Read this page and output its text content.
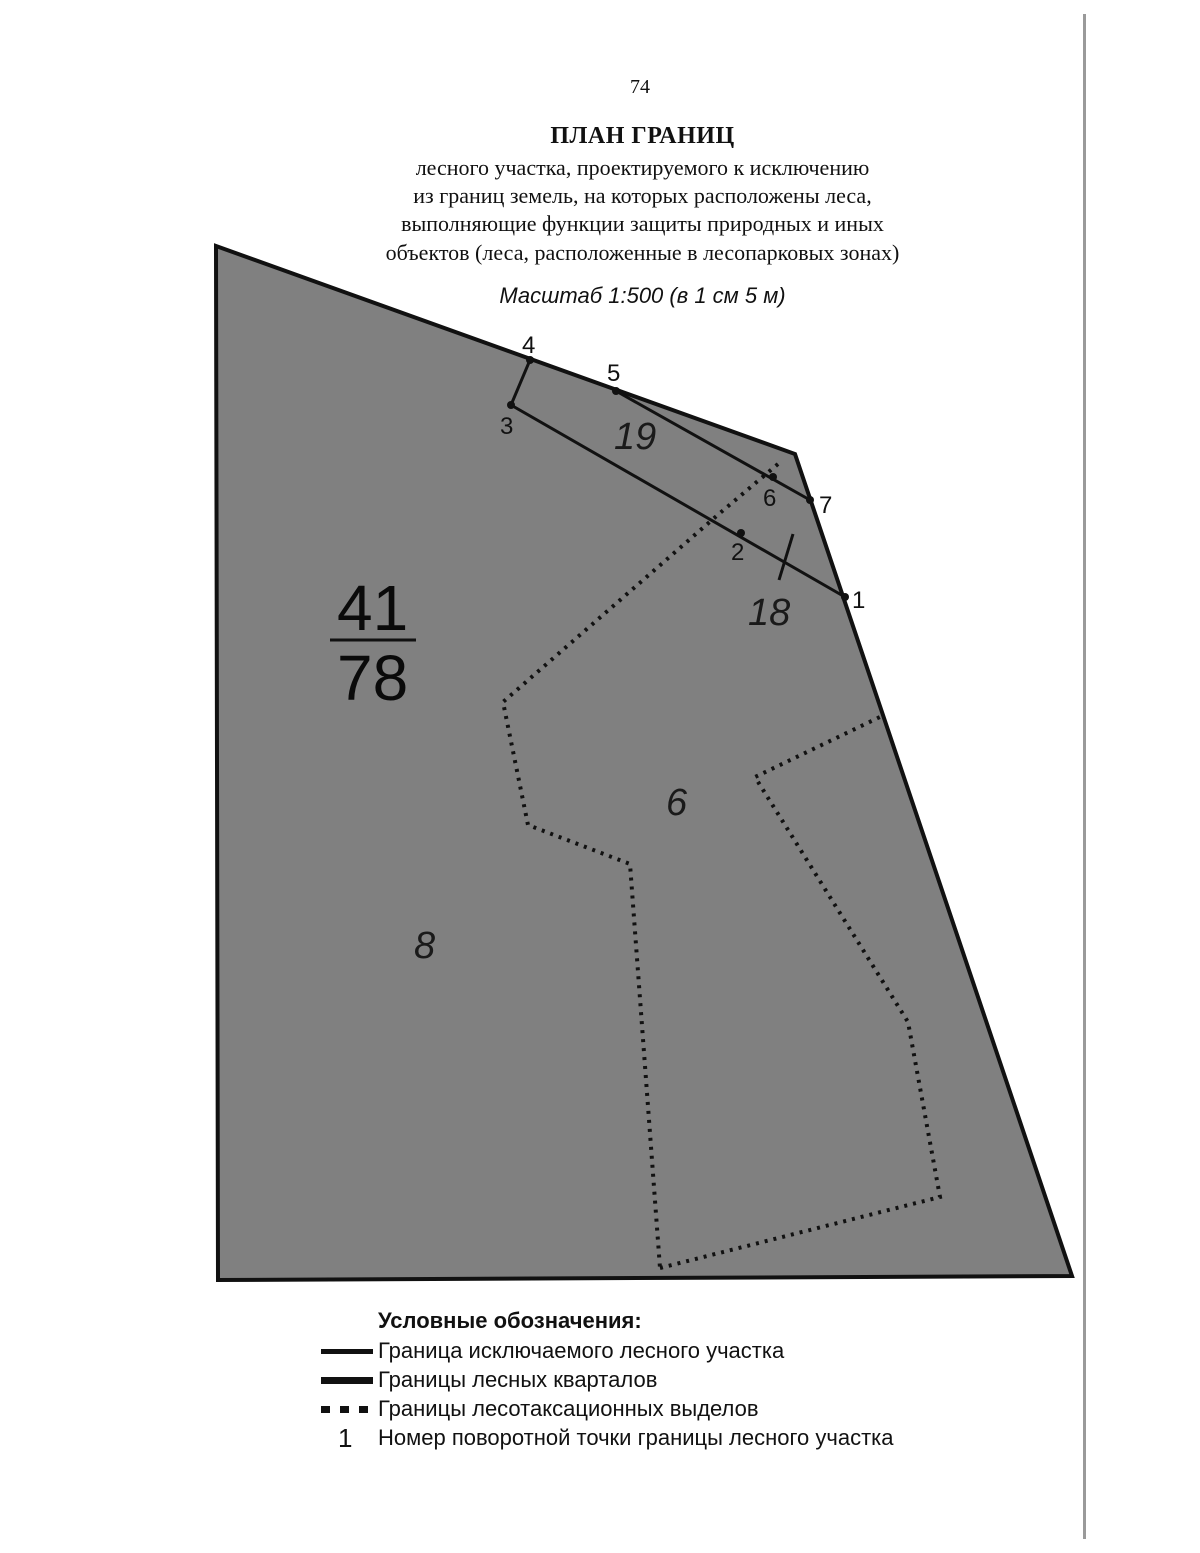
74
ПЛАН ГРАНИЦ
лесного участка, проектируемого к исключению
из границ земель, на которых расположены леса,
выполняющие функции защиты природных и иных
объектов (леса, расположенные в лесопарковых зонах)
1
2
3
4
5
6 7
19
18
6
8
41
78
Масштаб 1:500 (в 1 см 5 м)
Условные обозначения:
Граница исключаемого лесного участка
Границы лесных кварталов
Границы лесотаксационных выделов
1 Номер поворотной точки границы лесного участка
